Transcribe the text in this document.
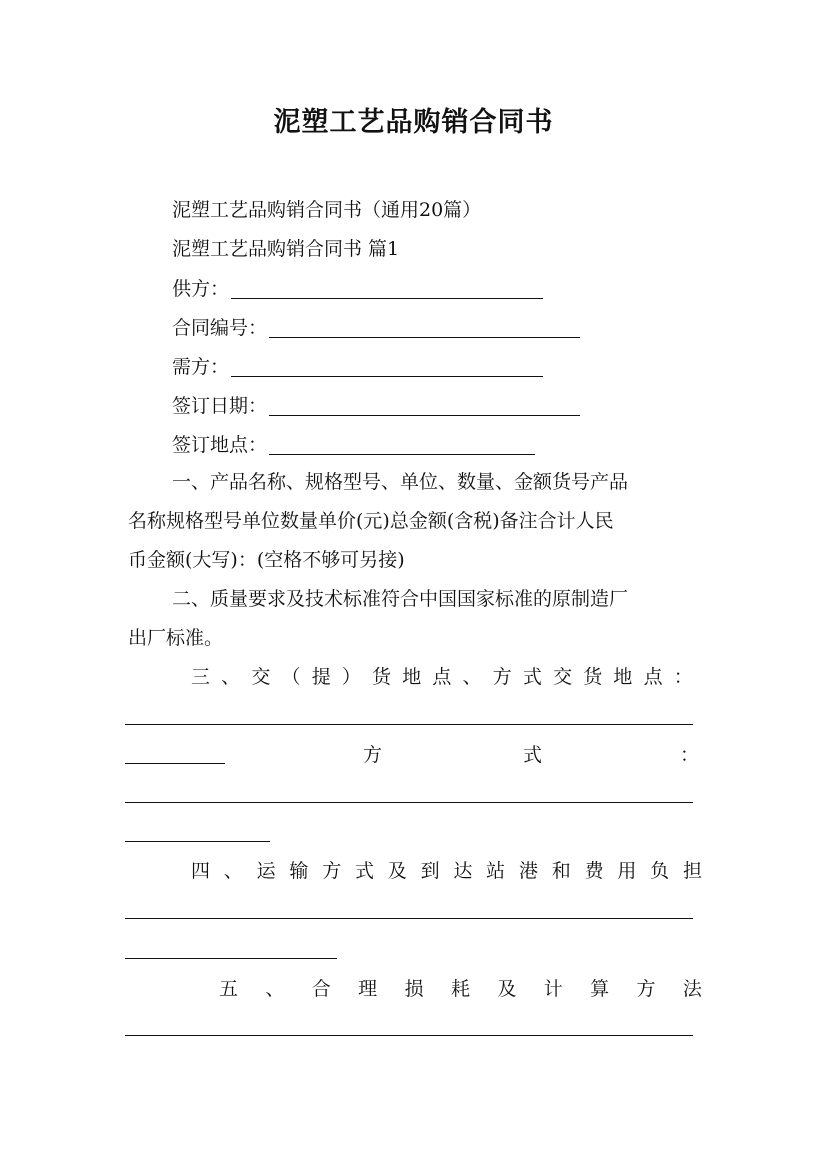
泥塑工艺品购销合同书
泥塑工艺品购销合同书（通用20篇）
泥塑工艺品购销合同书 篇1
供方：
合同编号：
需方：
签订日期：
签订地点：
一、产品名称、规格型号、单位、数量、金额货号产品
名称规格型号单位数量单价(元)总金额(含税)备注合计人民
币金额(大写)：(空格不够可另接)
二、质量要求及技术标准符合中国国家标准的原制造厂
出厂标准。
三 、 交 （ 提 ） 货 地 点 、 方 式 交 货 地 点 ：
方	式	：
四 、 运 输 方 式 及 到 达 站 港 和 费 用 负 担
五 、 合 理 损 耗 及 计 算 方 法
